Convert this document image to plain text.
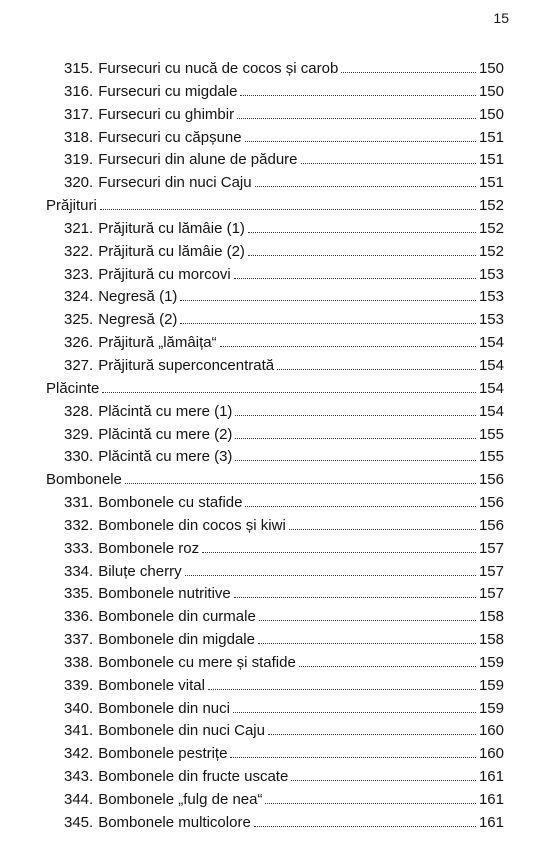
15
315. Fursecuri cu nucă de cocos și carob	150
316. Fursecuri cu migdale	150
317. Fursecuri cu ghimbir	150
318. Fursecuri cu căpșune	151
319. Fursecuri din alune de pădure	151
320. Fursecuri din nuci Caju	151
Prăjituri	152
321. Prăjitură cu lămâie (1)	152
322. Prăjitură cu lămâie (2)	152
323. Prăjitură cu morcovi	153
324. Negresă (1)	153
325. Negresă (2)	153
326. Prăjitură „lămâița“	154
327. Prăjitură superconcentrată	154
Plăcinte	154
328. Plăcintă cu mere (1)	154
329. Plăcintă cu mere (2)	155
330. Plăcintă cu mere (3)	155
Bombonele	156
331. Bombonele cu stafide	156
332. Bombonele din cocos și kiwi	156
333. Bombonele roz	157
334. Biluțe cherry	157
335. Bombonele nutritive	157
336. Bombonele din curmale	158
337. Bombonele din migdale	158
338. Bombonele cu mere și stafide	159
339. Bombonele vital	159
340. Bombonele din nuci	159
341. Bombonele din nuci Caju	160
342. Bombonele pestrițe	160
343. Bombonele din fructe uscate	161
344. Bombonele „fulg de nea“	161
345. Bombonele multicolore	161
